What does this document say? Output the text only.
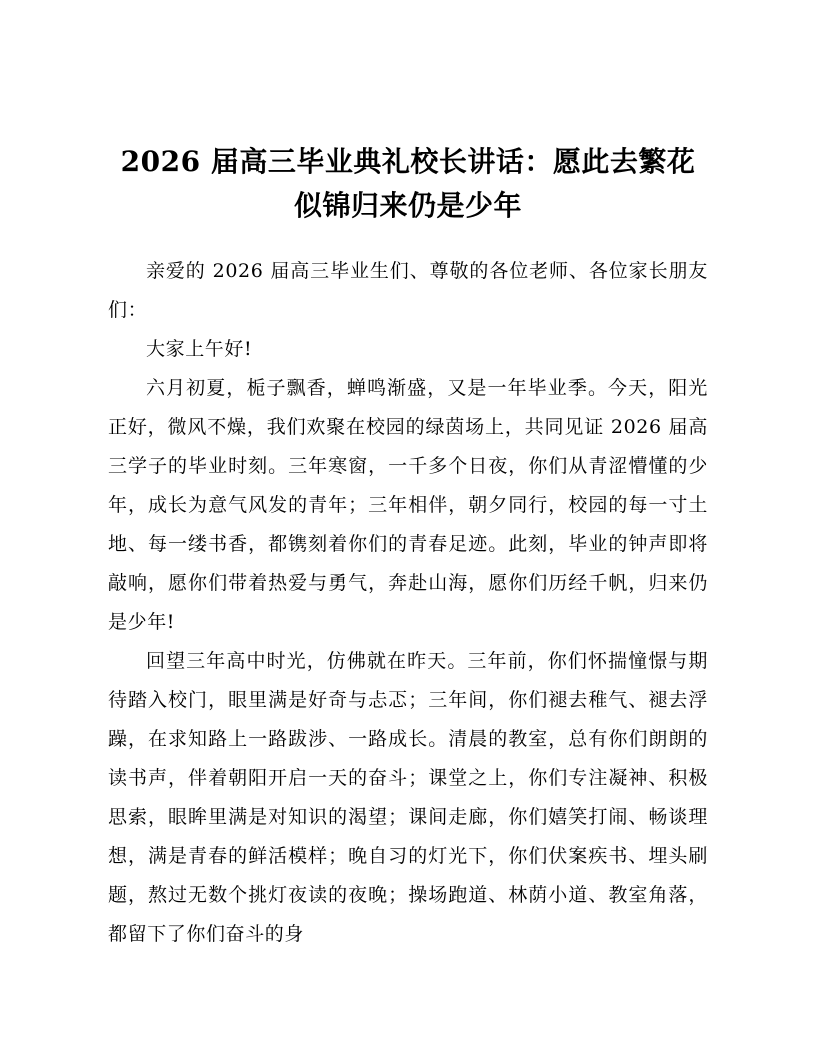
2026 届高三毕业典礼校长讲话：愿此去繁花似锦归来仍是少年

亲爱的 2026 届高三毕业生们、尊敬的各位老师、各位家长朋友们：

大家上午好!

六月初夏，栀子飘香，蝉鸣渐盛，又是一年毕业季。今天，阳光正好，微风不燥，我们欢聚在校园的绿茵场上，共同见证 2026 届高三学子的毕业时刻。三年寒窗，一千多个日夜，你们从青涩懵懂的少年，成长为意气风发的青年；三年相伴，朝夕同行，校园的每一寸土地、每一缕书香，都镌刻着你们的青春足迹。此刻，毕业的钟声即将敲响，愿你们带着热爱与勇气，奔赴山海，愿你们历经千帆，归来仍是少年!

回望三年高中时光，仿佛就在昨天。三年前，你们怀揣憧憬与期待踏入校门，眼里满是好奇与忐忑；三年间，你们褪去稚气、褪去浮躁，在求知路上一路跋涉、一路成长。清晨的教室，总有你们朗朗的读书声，伴着朝阳开启一天的奋斗；课堂之上，你们专注凝神、积极思索，眼眸里满是对知识的渴望；课间走廊，你们嬉笑打闹、畅谈理想，满是青春的鲜活模样；晚自习的灯光下，你们伏案疾书、埋头刷题，熬过无数个挑灯夜读的夜晚；操场跑道、林荫小道、教室角落，都留下了你们奋斗的身
